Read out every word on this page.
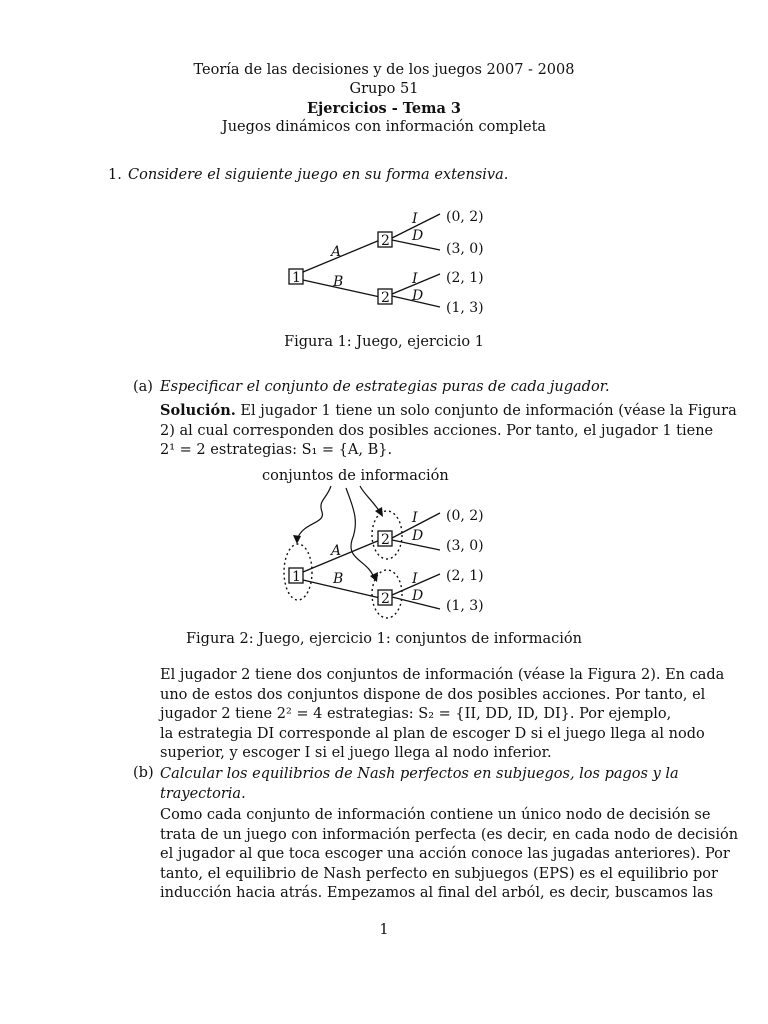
Teoría de las decisiones y de los juegos 2007 - 2008
Grupo 51
Ejercicios - Tema 3
Juegos dinámicos con información completa
1. Considere el siguiente juego en su forma extensiva.
1
2
2
A
B
I
D
I
D
(0, 2)
(3, 0)
(2, 1)
(1, 3)
Figura 1: Juego, ejercicio 1
(a) Especificar el conjunto de estrategias puras de cada jugador.
Solución. El jugador 1 tiene un solo conjunto de información (véase la Figura
2) al cual corresponden dos posibles acciones. Por tanto, el jugador 1 tiene
2¹ = 2 estrategias: S₁ = {A, B}.
conjuntos de información
1
2
2
A
B
I
D
I
D
(0, 2)
(3, 0)
(2, 1)
(1, 3)
Figura 2: Juego, ejercicio 1: conjuntos de información
El jugador 2 tiene dos conjuntos de información (véase la Figura 2). En cada
uno de estos dos conjuntos dispone de dos posibles acciones. Por tanto, el
jugador 2 tiene 2² = 4 estrategias: S₂ = {II, DD, ID, DI}. Por ejemplo,
la estrategia DI corresponde al plan de escoger D si el juego llega al nodo
superior, y escoger I si el juego llega al nodo inferior.
(b) Calcular los equilibrios de Nash perfectos en subjuegos, los pagos y la
trayectoria.
Como cada conjunto de información contiene un único nodo de decisión se
trata de un juego con información perfecta (es decir, en cada nodo de decisión
el jugador al que toca escoger una acción conoce las jugadas anteriores). Por
tanto, el equilibrio de Nash perfecto en subjuegos (EPS) es el equilibrio por
inducción hacia atrás. Empezamos al final del arból, es decir, buscamos las
1
